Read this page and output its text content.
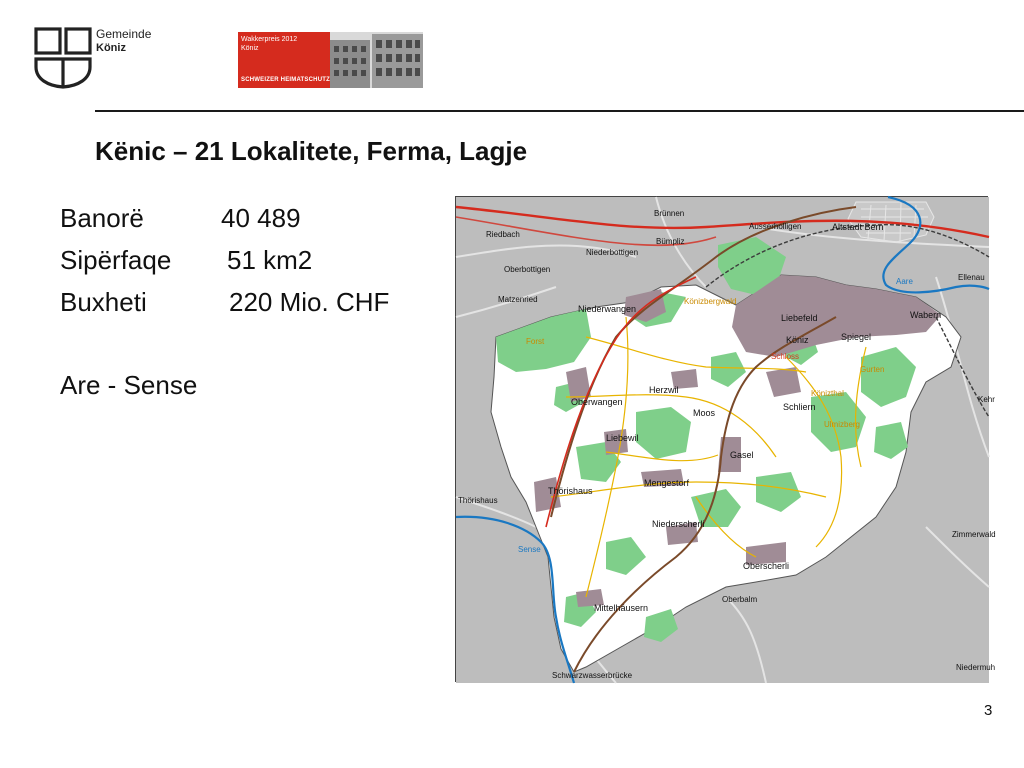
Gemeinde
Köniz
Wakkerpreis 2012
Köniz
SCHWEIZER HEIMATSCHUTZ
Kënic – 21 Lokalitete, Ferma, Lagje
Banorë	40 489
Sipërfaqe 51 km2
Buxheti	220 Mio. CHF
Are - Sense
Brünnen
Ausserholligen	Altstadt Bern
Riedbach
Niederbottigen
Bümpliz
Oberbottigen
Matzenried
Ellenau
Aare
Niederwangen
Könizbergwald
Forst
Liebefeld	Wabern
Köniz	Spiegel
Schloss
Gurten
Herzwil
Oberwangen
Könizthal
Schliern
Moos
Ulmizberg
Liebewil
Gasel
Mengestorf
Thörishaus
Thörishaus
Niederscherli
Sense
Zimmerwald
Oberscherli
Oberbalm
Mittelhäusern
Niedermuh
Schwarzwasserbrücke
Kehr
3
